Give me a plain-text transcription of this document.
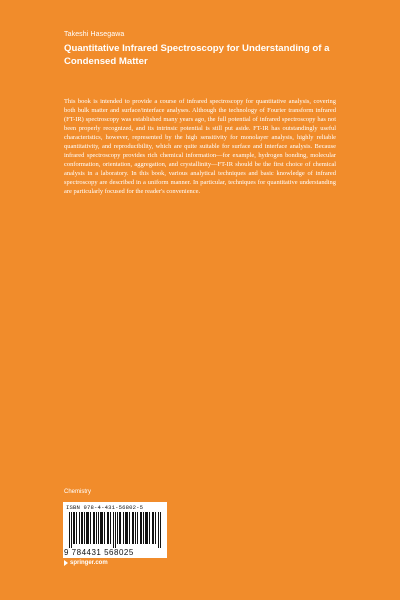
Takeshi Hasegawa
Quantitative Infrared Spectroscopy for Understanding of a Condensed Matter

This book is intended to provide a course of infrared spectroscopy for quantitative analysis, covering both bulk matter and surface/interface analyses. Although the technology of Fourier transform infrared (FT-IR) spectroscopy was established many years ago, the full potential of infrared spectroscopy has not been properly recognized, and its intrinsic potential is still put aside. FT-IR has outstandingly useful characteristics, however, represented by the high sensitivity for monolayer analysis, highly reliable quantitativity, and reproducibility, which are quite suitable for surface and interface analysis. Because infrared spectroscopy provides rich chemical information—for example, hydrogen bonding, molecular conformation, orientation, aggregation, and crystallinity—FT-IR should be the first choice of chemical analysis in a laboratory. In this book, various analytical techniques and basic knowledge of infrared spectroscopy are described in a uniform manner. In particular, techniques for quantitative understanding are particularly focused for the reader's convenience.

Chemistry
ISBN 978-4-431-56802-5
9 784431 568025
springer.com
